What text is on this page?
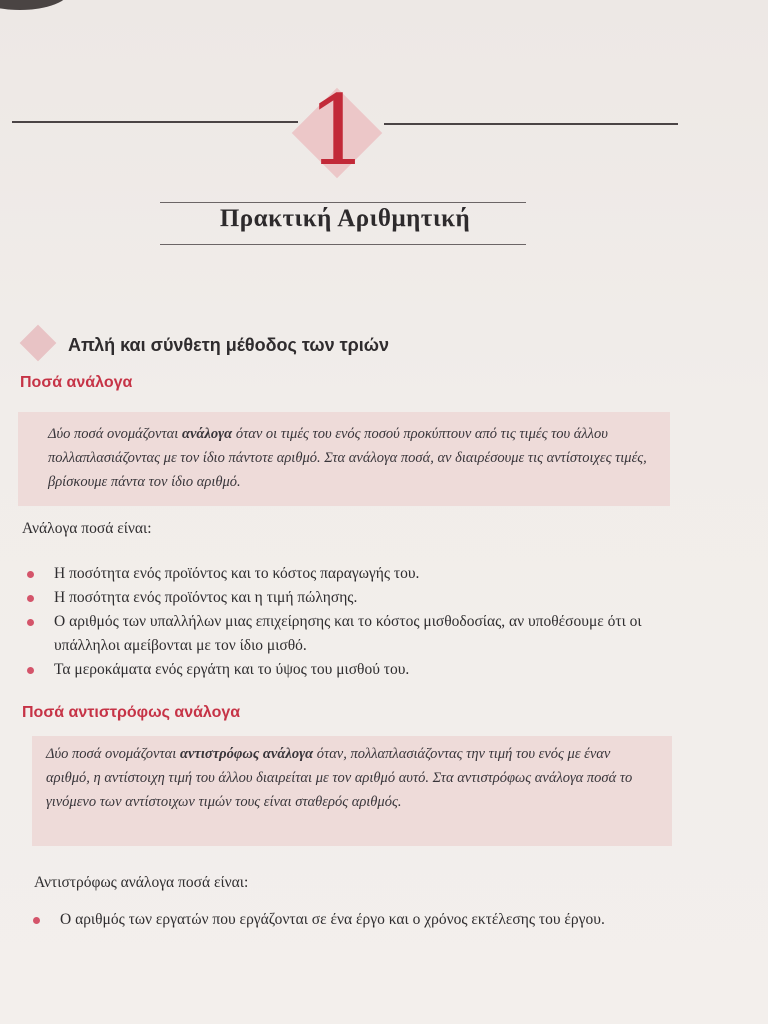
1
Πρακτική Αριθμητική
Απλή και σύνθετη μέθοδος των τριών
Ποσά ανάλογα
Δύο ποσά ονομάζονται ανάλογα όταν οι τιμές του ενός ποσού προκύπτουν από τις τιμές του άλλου πολλαπλασιάζοντας με τον ίδιο πάντοτε αριθμό. Στα ανάλογα ποσά, αν διαιρέσουμε τις αντίστοιχες τιμές, βρίσκουμε πάντα τον ίδιο αριθμό.
Ανάλογα ποσά είναι:
Η ποσότητα ενός προϊόντος και το κόστος παραγωγής του.
Η ποσότητα ενός προϊόντος και η τιμή πώλησης.
Ο αριθμός των υπαλλήλων μιας επιχείρησης και το κόστος μισθοδοσίας, αν υποθέσουμε ότι οι υπάλληλοι αμείβονται με τον ίδιο μισθό.
Τα μεροκάματα ενός εργάτη και το ύψος του μισθού του.
Ποσά αντιστρόφως ανάλογα
Δύο ποσά ονομάζονται αντιστρόφως ανάλογα όταν, πολλαπλασιάζοντας την τιμή του ενός με έναν αριθμό, η αντίστοιχη τιμή του άλλου διαιρείται με τον αριθμό αυτό. Στα αντιστρόφως ανάλογα ποσά το γινόμενο των αντίστοιχων τιμών τους είναι σταθερός αριθμός.
Αντιστρόφως ανάλογα ποσά είναι:
Ο αριθμός των εργατών που εργάζονται σε ένα έργο και ο χρόνος εκτέλεσης του έργου.
